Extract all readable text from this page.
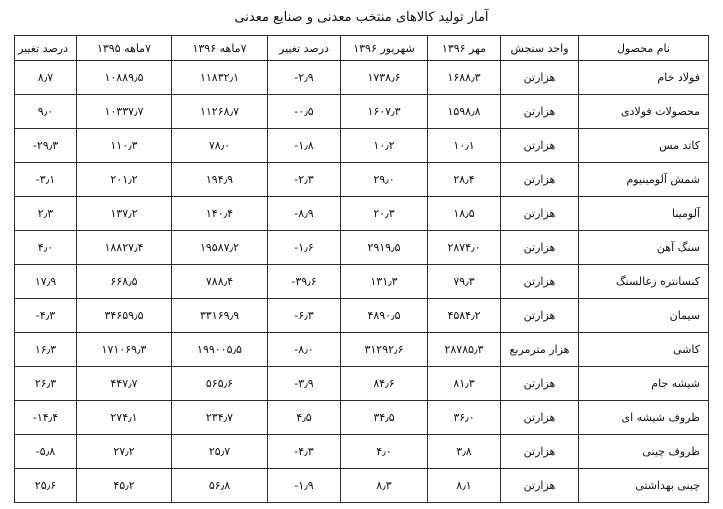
آمار تولید کالاهای منتخب معدنی و صنایع معدنی
نام محصول	واحد سنجش	مهر ۱۳۹۶	شهریور ۱۳۹۶	درصد تغییر	۷ماهه ۱۳۹۶	۷ماهه ۱۳۹۵	درصد تغییر
فولاد خام	هزارتن	۱۶۸۸٫۳	۱۷۳۸٫۶	-۲٫۹	۱۱۸۳۲٫۱	۱۰۸۸۹٫۵	۸٫۷
محصولات فولادی	هزارتن	۱۵۹۸٫۸	۱۶۰۷٫۳	-۰٫۵	۱۱۲۶۸٫۷	۱۰۳۳۷٫۷	۹٫۰
کاتد مس	هزارتن	۱۰٫۱	۱۰٫۲	-۱٫۸	۷۸٫۰	۱۱۰٫۳	-۲۹٫۳
شمش آلومینیوم	هزارتن	۲۸٫۴	۲۹٫۰	-۲٫۳	۱۹۴٫۹	۲۰۱٫۲	-۳٫۱
آلومینا	هزارتن	۱۸٫۵	۲۰٫۳	-۸٫۹	۱۴۰٫۴	۱۳۷٫۲	۲٫۳
سنگ آهن	هزارتن	۲۸۷۴٫۰	۲۹۱۹٫۵	-۱٫۶	۱۹۵۸۷٫۲	۱۸۸۲۷٫۴	۴٫۰
کنسانتره زغالسنگ	هزارتن	۷۹٫۳	۱۳۱٫۳	-۳۹٫۶	۷۸۸٫۴	۶۶۸٫۵	۱۷٫۹
سیمان	هزارتن	۴۵۸۴٫۲	۴۸۹۰٫۵	-۶٫۳	۳۳۱۶۹٫۹	۳۴۶۵۹٫۵	-۴٫۳
کاشی	هزار مترمربع	۲۸۷۸۵٫۳	۳۱۲۹۲٫۶	-۸٫۰	۱۹۹۰۰۵٫۵	۱۷۱۰۶۹٫۳	۱۶٫۳
شیشه جام	هزارتن	۸۱٫۳	۸۴٫۶	-۳٫۹	۵۶۵٫۶	۴۴۷٫۷	۲۶٫۳
ظروف شیشه ای	هزارتن	۳۶٫۰	۳۴٫۵	۴٫۵	۲۳۴٫۷	۲۷۴٫۱	-۱۴٫۴
ظروف چینی	هزارتن	۳٫۸	۴٫۰	-۴٫۳	۲۵٫۷	۲۷٫۲	-۵٫۸
چینی بهداشتی	هزارتن	۸٫۱	۸٫۳	-۱٫۹	۵۶٫۸	۴۵٫۲	۲۵٫۶
